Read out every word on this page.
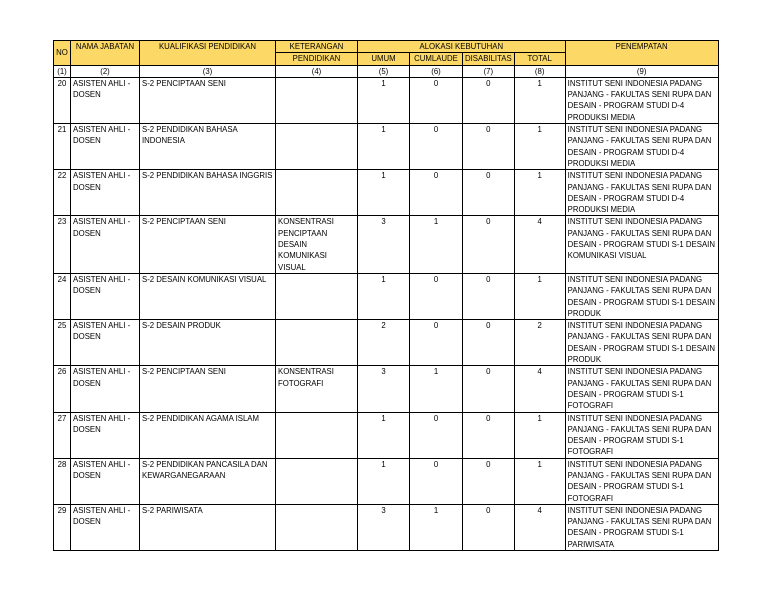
NO	NAMA JABATAN	KUALIFIKASI PENDIDIKAN	KETERANGAN	ALOKASI KEBUTUHAN				PENEMPATAN
			PENDIDIKAN	UMUM	CUMLAUDE	DISABILITAS	TOTAL	
(1)	(2)	(3)	(4)	(5)	(6)	(7)	(8)	(9)
20	ASISTEN AHLI - DOSEN	S-2 PENCIPTAAN SENI		1	0	0	1	INSTITUT SENI INDONESIA PADANG PANJANG - FAKULTAS SENI RUPA DAN DESAIN - PROGRAM STUDI D-4 PRODUKSI MEDIA
21	ASISTEN AHLI - DOSEN	S-2 PENDIDIKAN BAHASA INDONESIA		1	0	0	1	INSTITUT SENI INDONESIA PADANG PANJANG - FAKULTAS SENI RUPA DAN DESAIN - PROGRAM STUDI D-4 PRODUKSI MEDIA
22	ASISTEN AHLI - DOSEN	S-2 PENDIDIKAN BAHASA INGGRIS		1	0	0	1	INSTITUT SENI INDONESIA PADANG PANJANG - FAKULTAS SENI RUPA DAN DESAIN - PROGRAM STUDI D-4 PRODUKSI MEDIA
23	ASISTEN AHLI - DOSEN	S-2 PENCIPTAAN SENI	KONSENTRASI PENCIPTAAN DESAIN KOMUNIKASI VISUAL	3	1	0	4	INSTITUT SENI INDONESIA PADANG PANJANG - FAKULTAS SENI RUPA DAN DESAIN - PROGRAM STUDI S-1 DESAIN KOMUNIKASI VISUAL
24	ASISTEN AHLI - DOSEN	S-2 DESAIN KOMUNIKASI VISUAL		1	0	0	1	INSTITUT SENI INDONESIA PADANG PANJANG - FAKULTAS SENI RUPA DAN DESAIN - PROGRAM STUDI S-1 DESAIN PRODUK
25	ASISTEN AHLI - DOSEN	S-2 DESAIN PRODUK		2	0	0	2	INSTITUT SENI INDONESIA PADANG PANJANG - FAKULTAS SENI RUPA DAN DESAIN - PROGRAM STUDI S-1 DESAIN PRODUK
26	ASISTEN AHLI - DOSEN	S-2 PENCIPTAAN SENI	KONSENTRASI FOTOGRAFI	3	1	0	4	INSTITUT SENI INDONESIA PADANG PANJANG - FAKULTAS SENI RUPA DAN DESAIN - PROGRAM STUDI S-1 FOTOGRAFI
27	ASISTEN AHLI - DOSEN	S-2 PENDIDIKAN AGAMA ISLAM		1	0	0	1	INSTITUT SENI INDONESIA PADANG PANJANG - FAKULTAS SENI RUPA DAN DESAIN - PROGRAM STUDI S-1 FOTOGRAFI
28	ASISTEN AHLI - DOSEN	S-2 PENDIDIKAN PANCASILA DAN KEWARGANEGARAAN		1	0	0	1	INSTITUT SENI INDONESIA PADANG PANJANG - FAKULTAS SENI RUPA DAN DESAIN - PROGRAM STUDI S-1 FOTOGRAFI
29	ASISTEN AHLI - DOSEN	S-2 PARIWISATA		3	1	0	4	INSTITUT SENI INDONESIA PADANG PANJANG - FAKULTAS SENI RUPA DAN DESAIN - PROGRAM STUDI S-1 PARIWISATA
